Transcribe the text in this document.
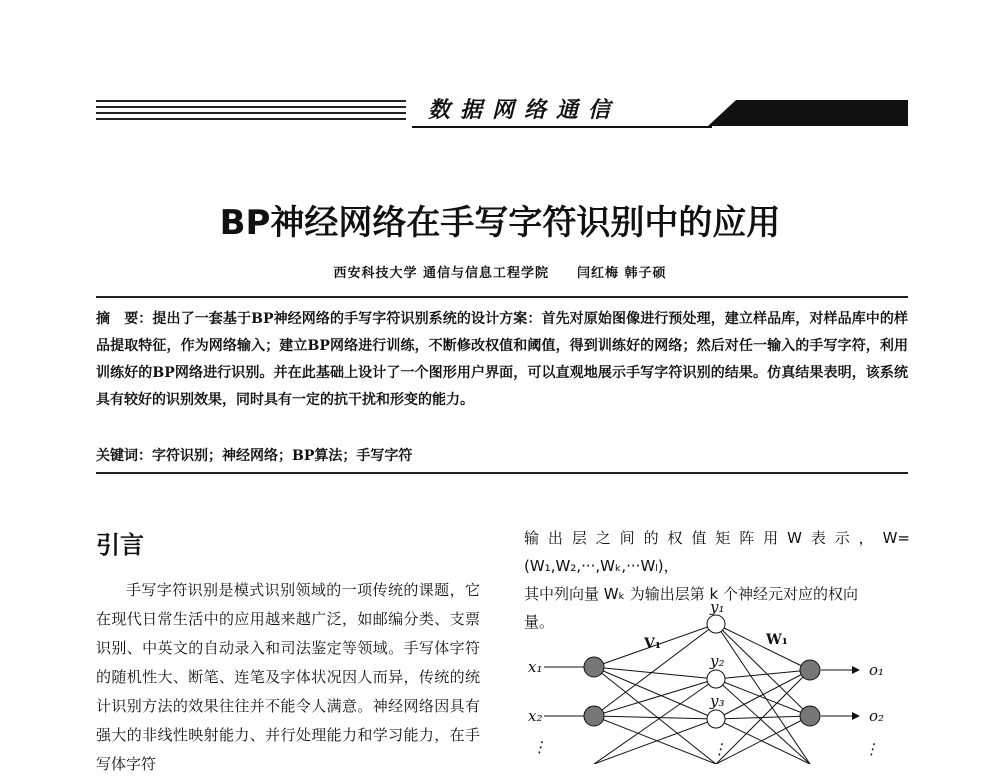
数据网络通信
BP神经网络在手写字符识别中的应用
西安科技大学 通信与信息工程学院 闫红梅 韩子硕
摘　要：提出了一套基于BP神经网络的手写字符识别系统的设计方案：首先对原始图像进行预处理，建立样品库，对样品库中的样品提取特征，作为网络输入；建立BP网络进行训练，不断修改权值和阈值，得到训练好的网络；然后对任一输入的手写字符，利用训练好的BP网络进行识别。并在此基础上设计了一个图形用户界面，可以直观地展示手写字符识别的结果。仿真结果表明，该系统具有较好的识别效果，同时具有一定的抗干扰和形变的能力。
关键词：字符识别；神经网络；BP算法；手写字符
引言

手写字符识别是模式识别领域的一项传统的课题，它在现代日常生活中的应用越来越广泛，如邮编分类、支票识别、中英文的自动录入和司法鉴定等领域。手写体字符的随机性大、断笔、连笔及字体状况因人而异，传统的统计识别方法的效果往往并不能令人满意。神经网络因具有强大的非线性映射能力、并行处理能力和学习能力，在手写体字符

输出层之间的权值矩阵用W表示，W=(W₁,W₂,···,Wₖ,···Wₗ)，

其中列向量 Wₖ 为输出层第 k 个神经元对应的权向

量。

x₁
x₂
⋮
y₁
y₂
y₃
⋮
o₁
o₂
⋮
V₁	W₁
